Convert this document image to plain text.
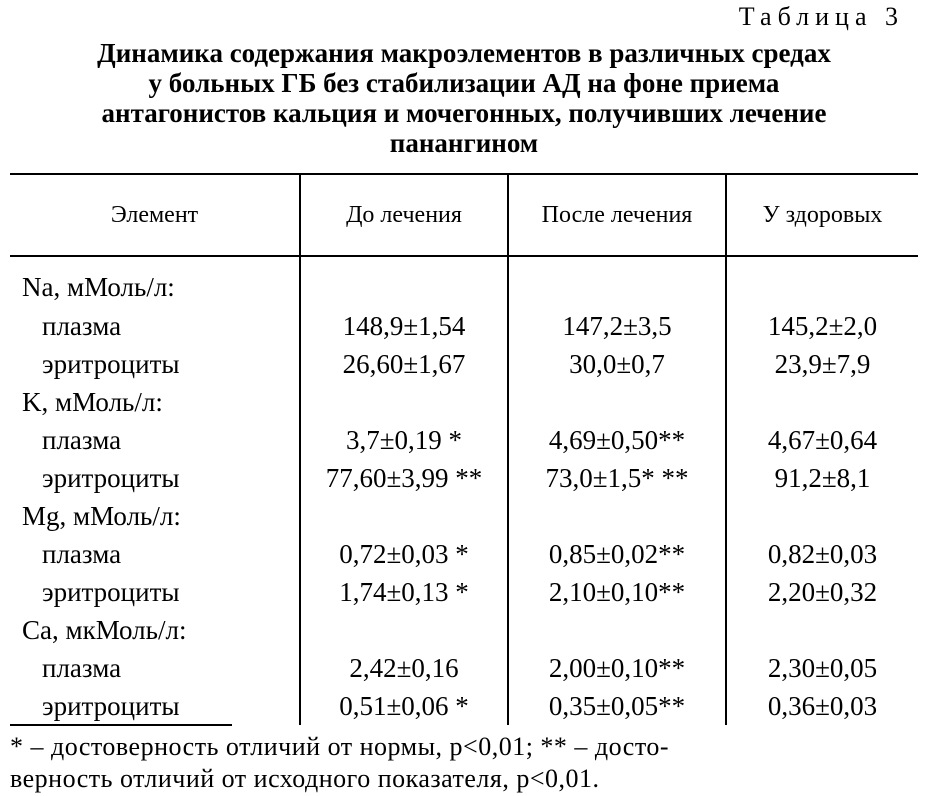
Таблица 3
Динамика содержания макроэлементов в различных средах
у больных ГБ без стабилизации АД на фоне приема
антагонистов кальция и мочегонных, получивших лечение
панангином
Элемент	До лечения	После лечения	У здоровых
Na, мМоль/л:			
плазма	148,9±1,54	147,2±3,5	145,2±2,0
эритроциты	26,60±1,67	30,0±0,7	23,9±7,9
K, мМоль/л:			
плазма	3,7±0,19 *	4,69±0,50**	4,67±0,64
эритроциты	77,60±3,99 **	73,0±1,5* **	91,2±8,1
Mg, мМоль/л:			
плазма	0,72±0,03 *	0,85±0,02**	0,82±0,03
эритроциты	1,74±0,13 *	2,10±0,10**	2,20±0,32
Ca, мкМоль/л:			
плазма	2,42±0,16	2,00±0,10**	2,30±0,05
эритроциты	0,51±0,06 *	0,35±0,05**	0,36±0,03
* – достоверность отличий от нормы, p<0,01; ** – досто-
верность отличий от исходного показателя, p<0,01.
